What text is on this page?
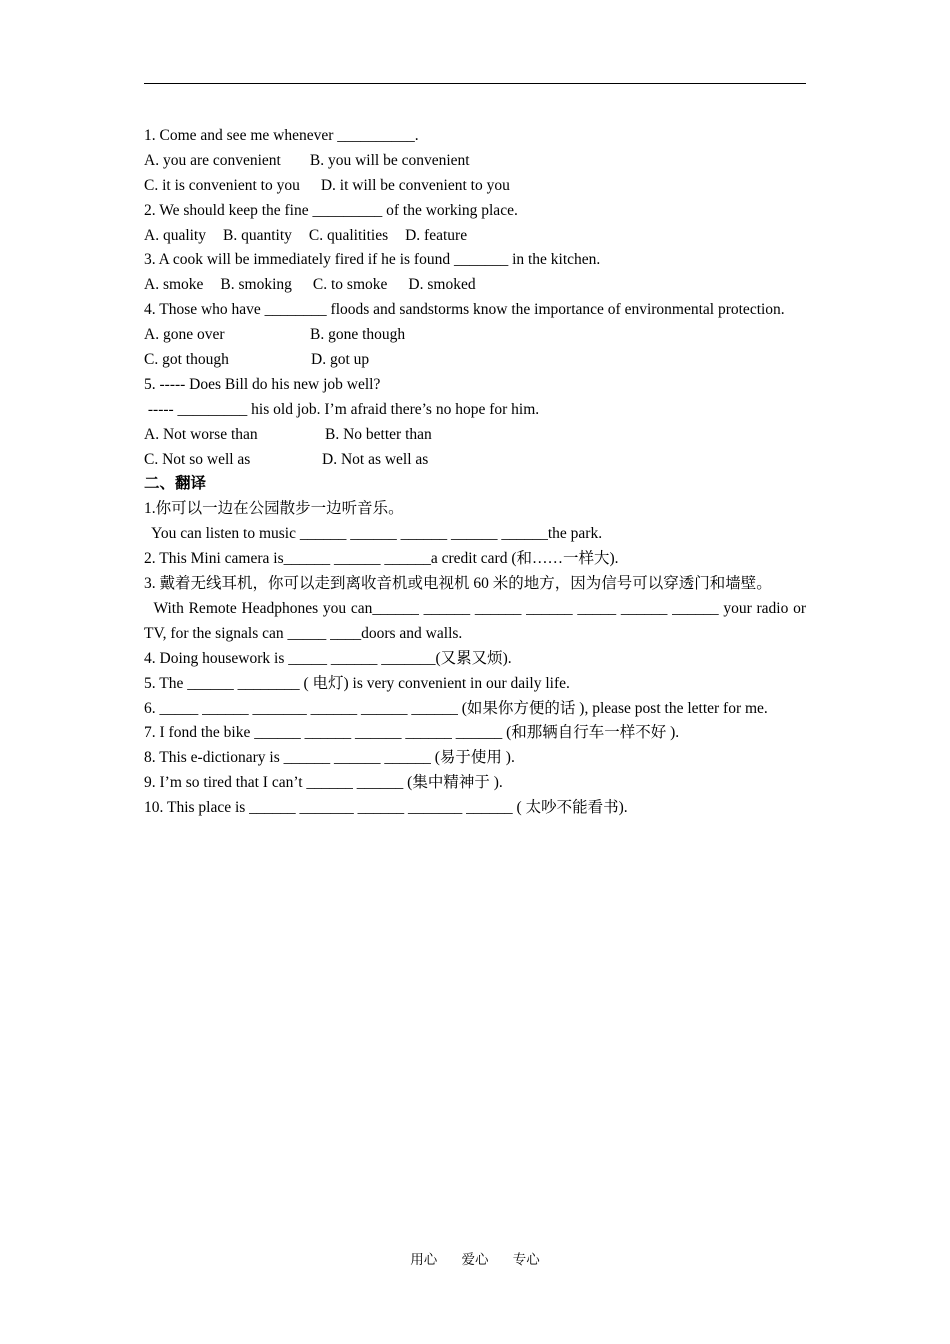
1. Come and see me whenever __________.
A. you are convenient B. you will be convenient
C. it is convenient to you D. it will be convenient to you
2. We should keep the fine _________ of the working place.
A. quality B. quantity C. qualitities D. feature
3. A cook will be immediately fired if he is found _______ in the kitchen.
A. smoke B. smoking C. to smoke D. smoked
4. Those who have ________ floods and sandstorms know the importance of environmental protection.
A. gone over	B. gone though
C. got though	D. got up
5. ----- Does Bill do his new job well?
----- _________ his old job. I’m afraid there’s no hope for him.
A. Not worse than	B. No better than
C. Not so well as	D. Not as well as
二、翻译
1.你可以一边在公园散步一边听音乐。
You can listen to music ______ ______ ______ ______ ______the park.
2. This Mini camera is______ ______ ______a credit card (和……一样大).
3. 戴着无线耳机，你可以走到离收音机或电视机 60 米的地方，因为信号可以穿透门和墙壁。
With Remote Headphones you can______ ______ ______ ______ _____ ______ ______ your radio or TV, for the signals can _____ ____doors and walls.
4. Doing housework is _____ ______ _______(又累又烦).
5. The ______ ________ ( 电灯) is very convenient in our daily life.
6. _____ ______ _______ ______ ______ ______ (如果你方便的话 ), please post the letter for me.
7. I fond the bike ______ ______ ______ ______ ______ (和那辆自行车一样不好 ).
8. This e-dictionary is ______ ______ ______ (易于使用 ).
9. I’m so tired that I can’t ______ ______ (集中精神于 ).
10. This place is ______ _______ ______ _______ ______ ( 太吵不能看书).
用心 爱心 专心
